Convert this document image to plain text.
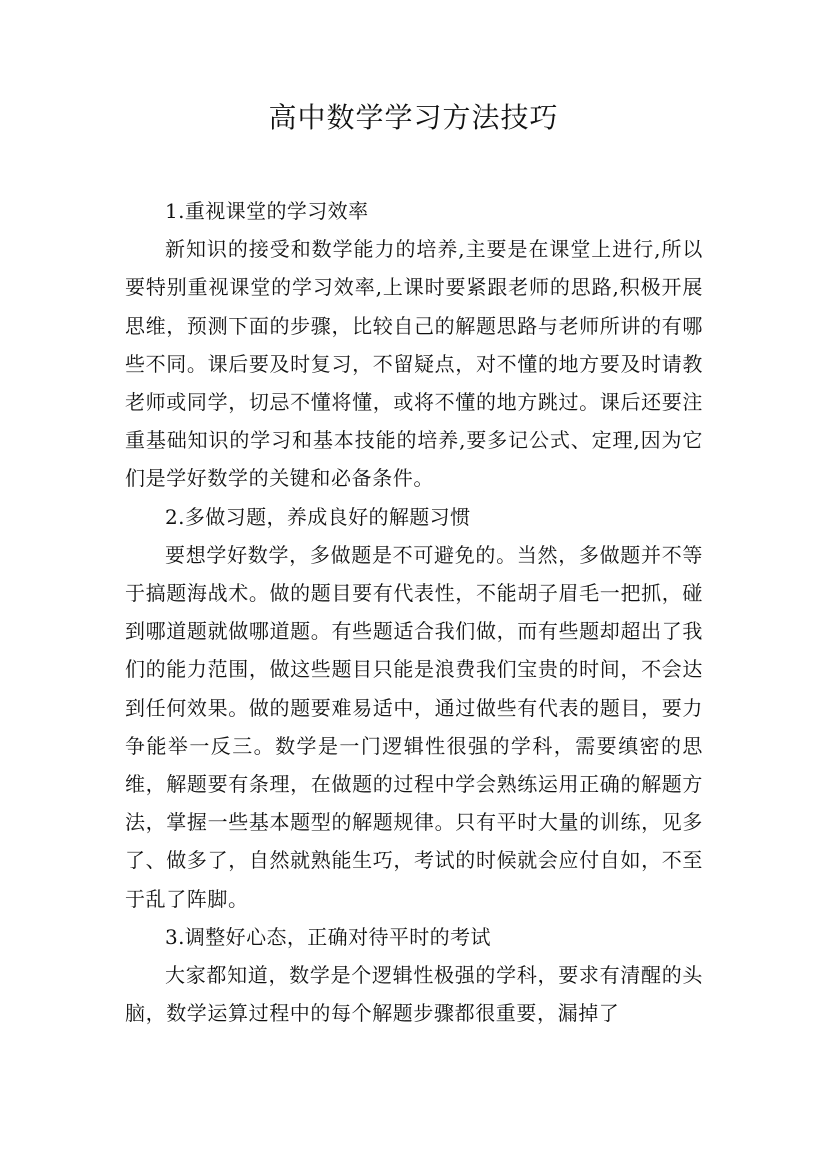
高中数学学习方法技巧

1.重视课堂的学习效率

新知识的接受和数学能力的培养,主要是在课堂上进行,所以要特别重视课堂的学习效率,上课时要紧跟老师的思路,积极开展思维，预测下面的步骤，比较自己的解题思路与老师所讲的有哪些不同。课后要及时复习，不留疑点，对不懂的地方要及时请教老师或同学，切忌不懂将懂，或将不懂的地方跳过。课后还要注重基础知识的学习和基本技能的培养,要多记公式、定理,因为它们是学好数学的关键和必备条件。

2.多做习题，养成良好的解题习惯

要想学好数学，多做题是不可避免的。当然，多做题并不等于搞题海战术。做的题目要有代表性，不能胡子眉毛一把抓，碰到哪道题就做哪道题。有些题适合我们做，而有些题却超出了我们的能力范围，做这些题目只能是浪费我们宝贵的时间，不会达到任何效果。做的题要难易适中，通过做些有代表的题目，要力争能举一反三。数学是一门逻辑性很强的学科，需要缜密的思维，解题要有条理，在做题的过程中学会熟练运用正确的解题方法，掌握一些基本题型的解题规律。只有平时大量的训练，见多了、做多了，自然就熟能生巧，考试的时候就会应付自如，不至于乱了阵脚。

3.调整好心态，正确对待平时的考试

大家都知道，数学是个逻辑性极强的学科，要求有清醒的头脑，数学运算过程中的每个解题步骤都很重要，漏掉了
